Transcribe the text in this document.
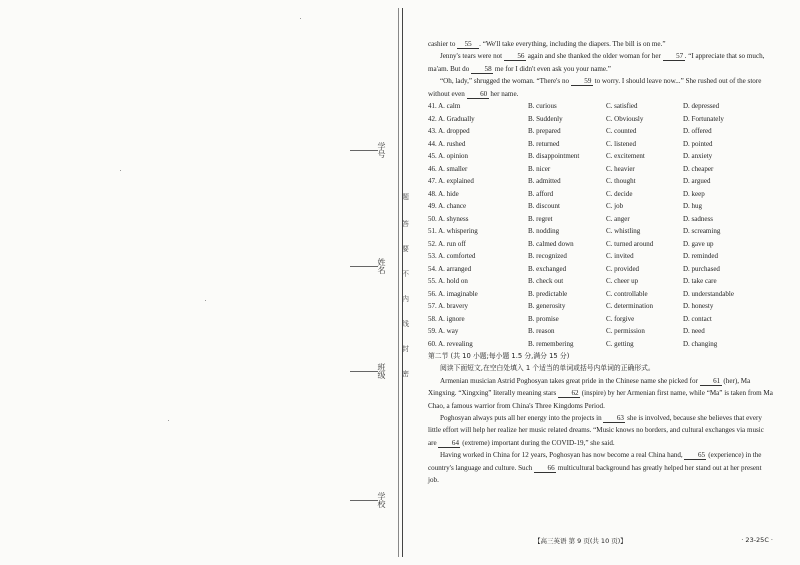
学号
姓名
班级
学校
题
答
要
不
内
线
封
密

cashier to 55 . “We'll take everything, including the diapers. The bill is on me.”

Jenny's tears were not 56 again and she thanked the older woman for her 57. “I appreciate that so much, ma'am. But do 58 me for I didn't even ask you your name.”

“Oh, lady,” shrugged the woman. “There's no 59 to worry. I should leave now...” She rushed out of the store without even 60 her name.

41. A. calm	B. curious	C. satisfied	D. depressed
42. A. Gradually	B. Suddenly	C. Obviously	D. Fortunately
43. A. dropped	B. prepared	C. counted	D. offered
44. A. rushed	B. returned	C. listened	D. pointed
45. A. opinion	B. disappointment	C. excitement	D. anxiety
46. A. smaller	B. nicer	C. heavier	D. cheaper
47. A. explained	B. admitted	C. thought	D. argued
48. A. hide	B. afford	C. decide	D. keep
49. A. chance	B. discount	C. job	D. hug
50. A. shyness	B. regret	C. anger	D. sadness
51. A. whispering	B. nodding	C. whistling	D. screaming
52. A. run off	B. calmed down	C. turned around	D. gave up
53. A. comforted	B. recognized	C. invited	D. reminded
54. A. arranged	B. exchanged	C. provided	D. purchased
55. A. hold on	B. check out	C. cheer up	D. take care
56. A. imaginable	B. predictable	C. controllable	D. understandable
57. A. bravery	B. generosity	C. determination	D. honesty
58. A. ignore	B. promise	C. forgive	D. contact
59. A. way	B. reason	C. permission	D. need
60. A. revealing	B. remembering	C. getting	D. changing

第二节 (共 10 小题;每小题 1.5 分,满分 15 分)

阅读下面短文,在空白处填入 1 个适当的单词或括号内单词的正确形式。

Armenian musician Astrid Poghosyan takes great pride in the Chinese name she picked for 61 (her), Ma Xingxing. “Xingxing” literally meaning stars 62 (inspire) by her Armenian first name, while “Ma” is taken from Ma Chao, a famous warrior from China's Three Kingdoms Period.

Poghosyan always puts all her energy into the projects in 63 she is involved, because she believes that every little effort will help her realize her music related dreams. “Music knows no borders, and cultural exchanges via music are 64 (extreme) important during the COVID-19,” she said.

Having worked in China for 12 years, Poghosyan has now become a real China hand, 65 (experience) in the country's language and culture. Such 66 multicultural background has greatly helped her stand out at her present job.

【高三英语 第 9 页(共 10 页)】	· 23-25C ·
